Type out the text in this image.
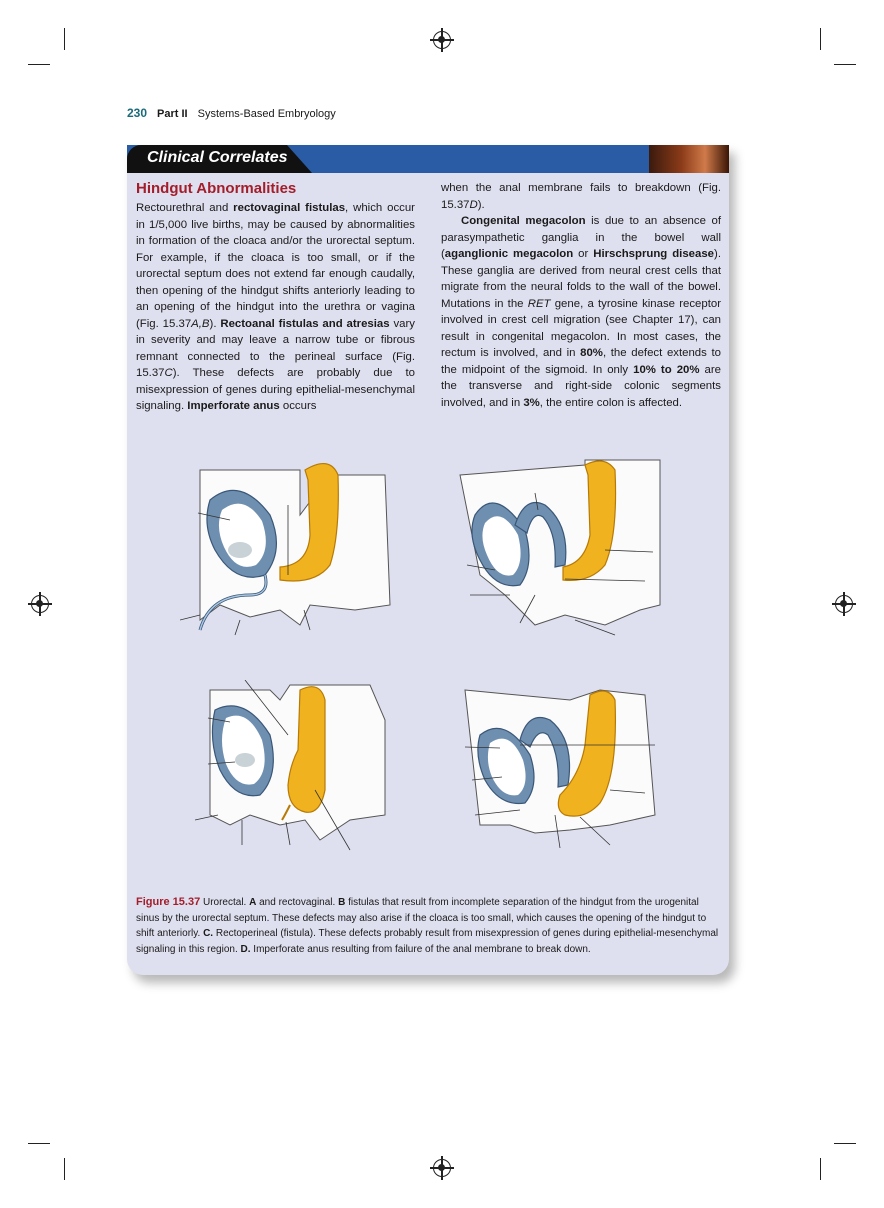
230 Part II Systems-Based Embryology
Clinical Correlates
Hindgut Abnormalities

Rectourethral and rectovaginal fistulas, which occur in 1/5,000 live births, may be caused by abnormalities in formation of the cloaca and/or the urorectal septum. For example, if the cloaca is too small, or if the urorectal septum does not extend far enough caudally, then opening of the hindgut shifts anteriorly leading to an opening of the hindgut into the urethra or vagina (Fig. 15.37A,B). Rectoanal fistulas and atresias vary in severity and may leave a narrow tube or fibrous remnant connected to the perineal surface (Fig. 15.37C). These defects are probably due to misexpression of genes during epithelial-mesenchymal signaling. Imperforate anus occurs

when the anal membrane fails to breakdown (Fig. 15.37D).

Congenital megacolon is due to an absence of parasympathetic ganglia in the bowel wall (aganglionic megacolon or Hirschsprung disease). These ganglia are derived from neural crest cells that migrate from the neural folds to the wall of the bowel. Mutations in the RET gene, a tyrosine kinase receptor involved in crest cell migration (see Chapter 17), can result in congenital megacolon. In most cases, the rectum is involved, and in 80%, the defect extends to the midpoint of the sigmoid. In only 10% to 20% are the transverse and right-side colonic segments involved, and in 3%, the entire colon is affected.

Figure 15.37 Urorectal. A and rectovaginal. B fistulas that result from incomplete separation of the hindgut from the urogenital sinus by the urorectal septum. These defects may also arise if the cloaca is too small, which causes the opening of the hindgut to shift anteriorly. C. Rectoperineal (fistula). These defects probably result from misexpression of genes during epithelial-mesenchymal signaling in this region. D. Imperforate anus resulting from failure of the anal membrane to break down.
